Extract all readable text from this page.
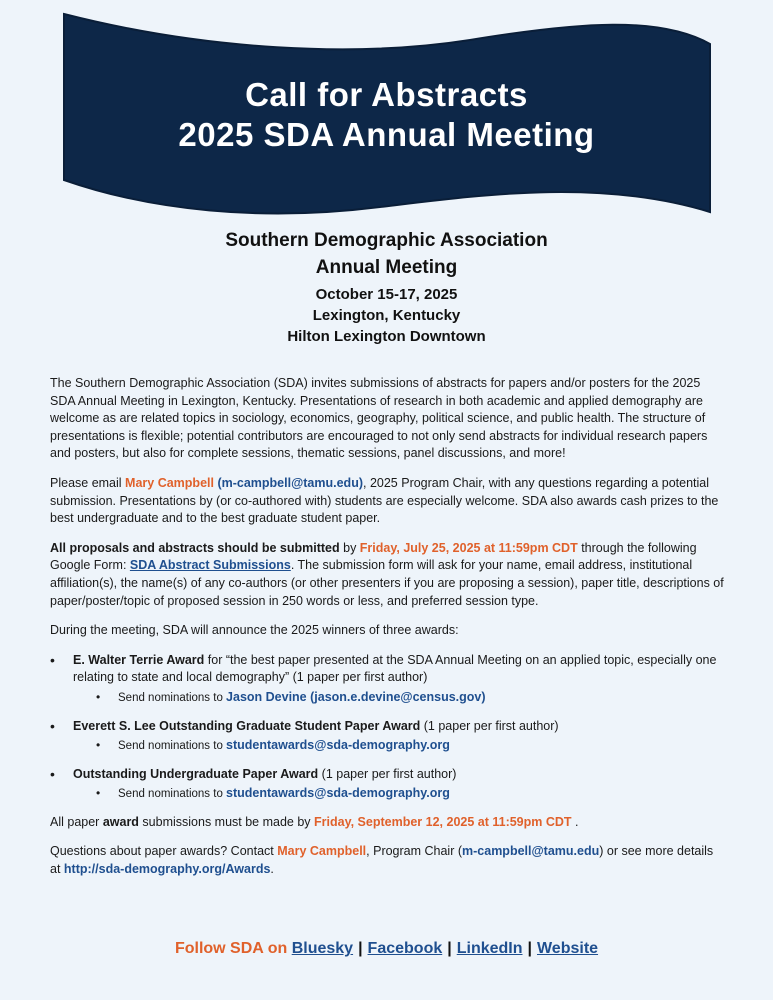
Call for Abstracts
2025 SDA Annual Meeting
Southern Demographic Association
Annual Meeting
October 15-17, 2025
Lexington, Kentucky
Hilton Lexington Downtown

The Southern Demographic Association (SDA) invites submissions of abstracts for papers and/or posters for the 2025 SDA Annual Meeting in Lexington, Kentucky. Presentations of research in both academic and applied demography are welcome as are related topics in sociology, economics, geography, political science, and public health. The structure of presentations is flexible; potential contributors are encouraged to not only send abstracts for individual research papers and posters, but also for complete sessions, thematic sessions, panel discussions, and more!

Please email Mary Campbell (m-campbell@tamu.edu), 2025 Program Chair, with any questions regarding a potential submission. Presentations by (or co-authored with) students are especially welcome. SDA also awards cash prizes to the best undergraduate and to the best graduate student paper.

All proposals and abstracts should be submitted by Friday, July 25, 2025 at 11:59pm CDT through the following Google Form: SDA Abstract Submissions. The submission form will ask for your name, email address, institutional affiliation(s), the name(s) of any co-authors (or other presenters if you are proposing a session), paper title, descriptions of paper/poster/topic of proposed session in 250 words or less, and preferred session type.

During the meeting, SDA will announce the 2025 winners of three awards:

• E. Walter Terrie Award for “the best paper presented at the SDA Annual Meeting on an applied topic, especially one relating to state and local demography” (1 paper per first author)
• Send nominations to Jason Devine (jason.e.devine@census.gov)
• Everett S. Lee Outstanding Graduate Student Paper Award (1 paper per first author)
• Send nominations to studentawards@sda-demography.org
• Outstanding Undergraduate Paper Award (1 paper per first author)
• Send nominations to studentawards@sda-demography.org

All paper award submissions must be made by Friday, September 12, 2025 at 11:59pm CDT .

Questions about paper awards? Contact Mary Campbell, Program Chair (m-campbell@tamu.edu) or see more details at http://sda-demography.org/Awards.

Follow SDA on Bluesky | Facebook | LinkedIn | Website
